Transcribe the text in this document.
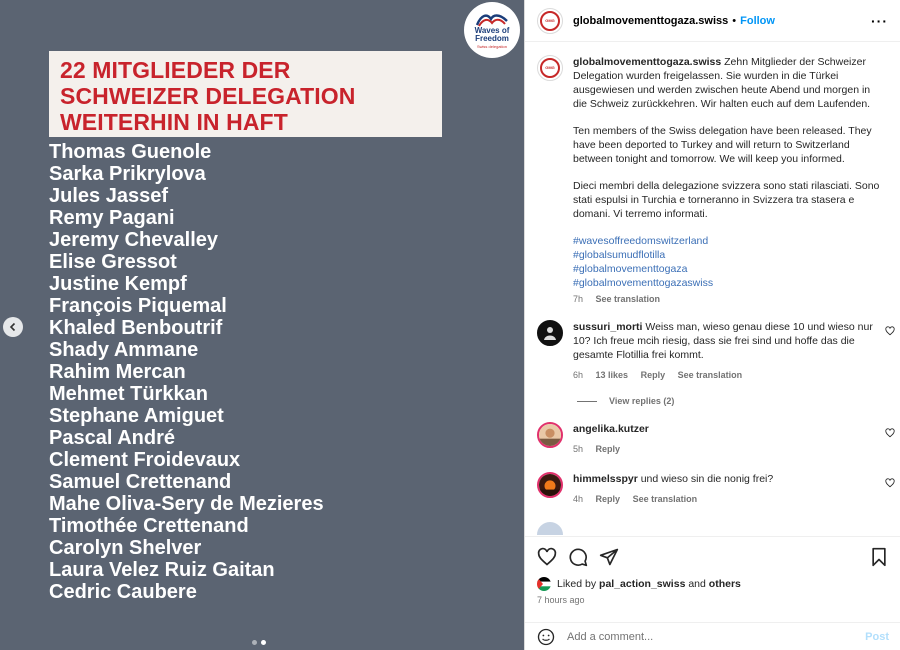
Waves of Freedom
Swiss delegation
22 MITGLIEDER DER
SCHWEIZER DELEGATION
WEITERHIN IN HAFT
Thomas Guenole
Sarka Prikrylova
Jules Jassef
Remy Pagani
Jeremy Chevalley
Elise Gressot
Justine Kempf
François Piquemal
Khaled Benboutrif
Shady Ammane
Rahim Mercan
Mehmet Türkkan
Stephane Amiguet
Pascal André
Clement Froidevaux
Samuel Crettenand
Mahe Oliva-Sery de Mezieres
Timothée Crettenand
Carolyn Shelver
Laura Velez Ruiz Gaitan
Cedric Caubere
GMG globalmovementtogaza.swiss • Follow	···
GMG globalmovementtogaza.swiss Zehn Mitglieder der Schweizer Delegation wurden freigelassen. Sie wurden in die Türkei ausgewiesen und werden zwischen heute Abend und morgen in die Schweiz zurückkehren. Wir halten euch auf dem Laufenden.

Ten members of the Swiss delegation have been released. They have been deported to Turkey and will return to Switzerland between tonight and tomorrow. We will keep you informed.

Dieci membri della delegazione svizzera sono stati rilasciati. Sono stati espulsi in Turchia e torneranno in Svizzera tra stasera e domani. Vi terremo informati.

#wavesoffreedomswitzerland
#globalsumudflotilla
#globalmovementtogaza
#globalmovementtogazaswiss

7h See translation
sussuri_morti Weiss man, wieso genau diese 10 und wieso nur 10? Ich freue mcih riesig, dass sie frei sind und hoffe das die gesamte Flotillia frei kommt.
6h 13 likes Reply See translation
View replies (2)
angelika.kutzer
5h Reply
himmelsspyr und wieso sin die nonig frei?
4h Reply See translation
Liked by
pal_action_swiss
and
others
7 hours ago
Add a comment...
Post
